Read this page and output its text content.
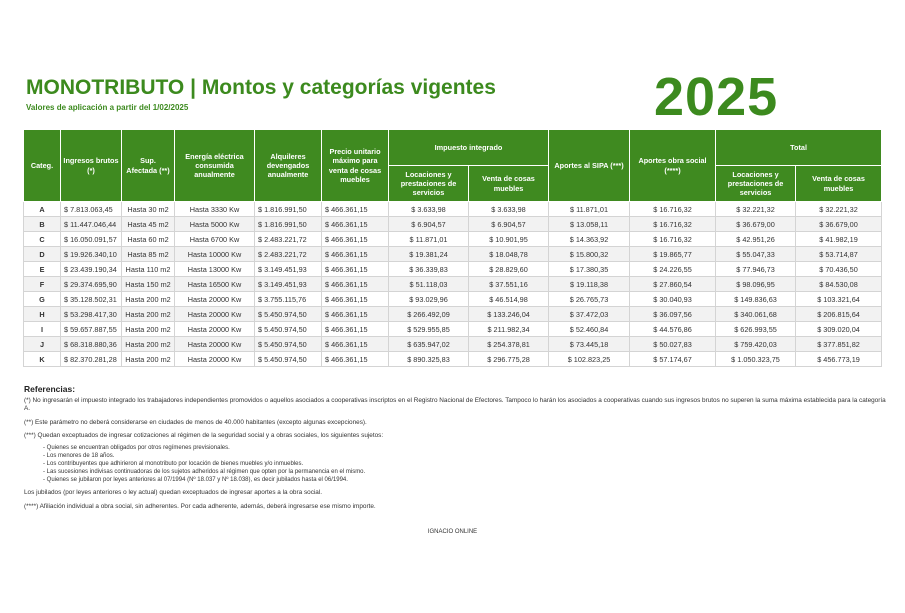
MONOTRIBUTO | Montos y categorías vigentes
Valores de aplicación a partir del 1/02/2025	2025
Categ.	Ingresos brutos (*)	Sup. Afectada (**)	Energía eléctrica consumida anualmente	Alquileres devengados anualmente	Precio unitario máximo para venta de cosas muebles	Impuesto integrado		Aportes al SIPA (***)	Aportes obra social (****)	Total	
						Locaciones y prestaciones de servicios	Venta de cosas muebles			Locaciones y prestaciones de servicios	Venta de cosas muebles
A	$ 7.813.063,45	Hasta 30 m2	Hasta 3330 Kw	$ 1.816.991,50	$ 466.361,15	$ 3.633,98	$ 3.633,98	$ 11.871,01	$ 16.716,32	$ 32.221,32	$ 32.221,32
B	$ 11.447.046,44	Hasta 45 m2	Hasta 5000 Kw	$ 1.816.991,50	$ 466.361,15	$ 6.904,57	$ 6.904,57	$ 13.058,11	$ 16.716,32	$ 36.679,00	$ 36.679,00
C	$ 16.050.091,57	Hasta 60 m2	Hasta 6700 Kw	$ 2.483.221,72	$ 466.361,15	$ 11.871,01	$ 10.901,95	$ 14.363,92	$ 16.716,32	$ 42.951,26	$ 41.982,19
D	$ 19.926.340,10	Hasta 85 m2	Hasta 10000 Kw	$ 2.483.221,72	$ 466.361,15	$ 19.381,24	$ 18.048,78	$ 15.800,32	$ 19.865,77	$ 55.047,33	$ 53.714,87
E	$ 23.439.190,34	Hasta 110 m2	Hasta 13000 Kw	$ 3.149.451,93	$ 466.361,15	$ 36.339,83	$ 28.829,60	$ 17.380,35	$ 24.226,55	$ 77.946,73	$ 70.436,50
F	$ 29.374.695,90	Hasta 150 m2	Hasta 16500 Kw	$ 3.149.451,93	$ 466.361,15	$ 51.118,03	$ 37.551,16	$ 19.118,38	$ 27.860,54	$ 98.096,95	$ 84.530,08
G	$ 35.128.502,31	Hasta 200 m2	Hasta 20000 Kw	$ 3.755.115,76	$ 466.361,15	$ 93.029,96	$ 46.514,98	$ 26.765,73	$ 30.040,93	$ 149.836,63	$ 103.321,64
H	$ 53.298.417,30	Hasta 200 m2	Hasta 20000 Kw	$ 5.450.974,50	$ 466.361,15	$ 266.492,09	$ 133.246,04	$ 37.472,03	$ 36.097,56	$ 340.061,68	$ 206.815,64
I	$ 59.657.887,55	Hasta 200 m2	Hasta 20000 Kw	$ 5.450.974,50	$ 466.361,15	$ 529.955,85	$ 211.982,34	$ 52.460,84	$ 44.576,86	$ 626.993,55	$ 309.020,04
J	$ 68.318.880,36	Hasta 200 m2	Hasta 20000 Kw	$ 5.450.974,50	$ 466.361,15	$ 635.947,02	$ 254.378,81	$ 73.445,18	$ 50.027,83	$ 759.420,03	$ 377.851,82
K	$ 82.370.281,28	Hasta 200 m2	Hasta 20000 Kw	$ 5.450.974,50	$ 466.361,15	$ 890.325,83	$ 296.775,28	$ 102.823,25	$ 57.174,67	$ 1.050.323,75	$ 456.773,19
Referencias:

(*) No ingresarán el impuesto integrado los trabajadores independientes promovidos o aquellos asociados a cooperativas inscriptos en el Registro Nacional de Efectores. Tampoco lo harán los asociados a cooperativas cuando sus ingresos brutos no superen la suma máxima establecida para la categoría A.

(**) Este parámetro no deberá considerarse en ciudades de menos de 40.000 habitantes (excepto algunas excepciones).

(***) Quedan exceptuados de ingresar cotizaciones al régimen de la seguridad social y a obras sociales, los siguientes sujetos:

- Quienes se encuentran obligados por otros regímenes previsionales.
- Los menores de 18 años.
- Los contribuyentes que adhirieron al monotributo por locación de bienes muebles y/o inmuebles.
- Las sucesiones indivisas continuadoras de los sujetos adheridos al régimen que opten por la permanencia en el mismo.
- Quienes se jubilaron por leyes anteriores al 07/1994 (Nº 18.037 y Nº 18.038), es decir jubilados hasta el 06/1994.

Los jubilados (por leyes anteriores o ley actual) quedan exceptuados de ingresar aportes a la obra social.

(****) Afiliación individual a obra social, sin adherentes. Por cada adherente, además, deberá ingresarse ese mismo importe.

IGNACIO ONLINE
